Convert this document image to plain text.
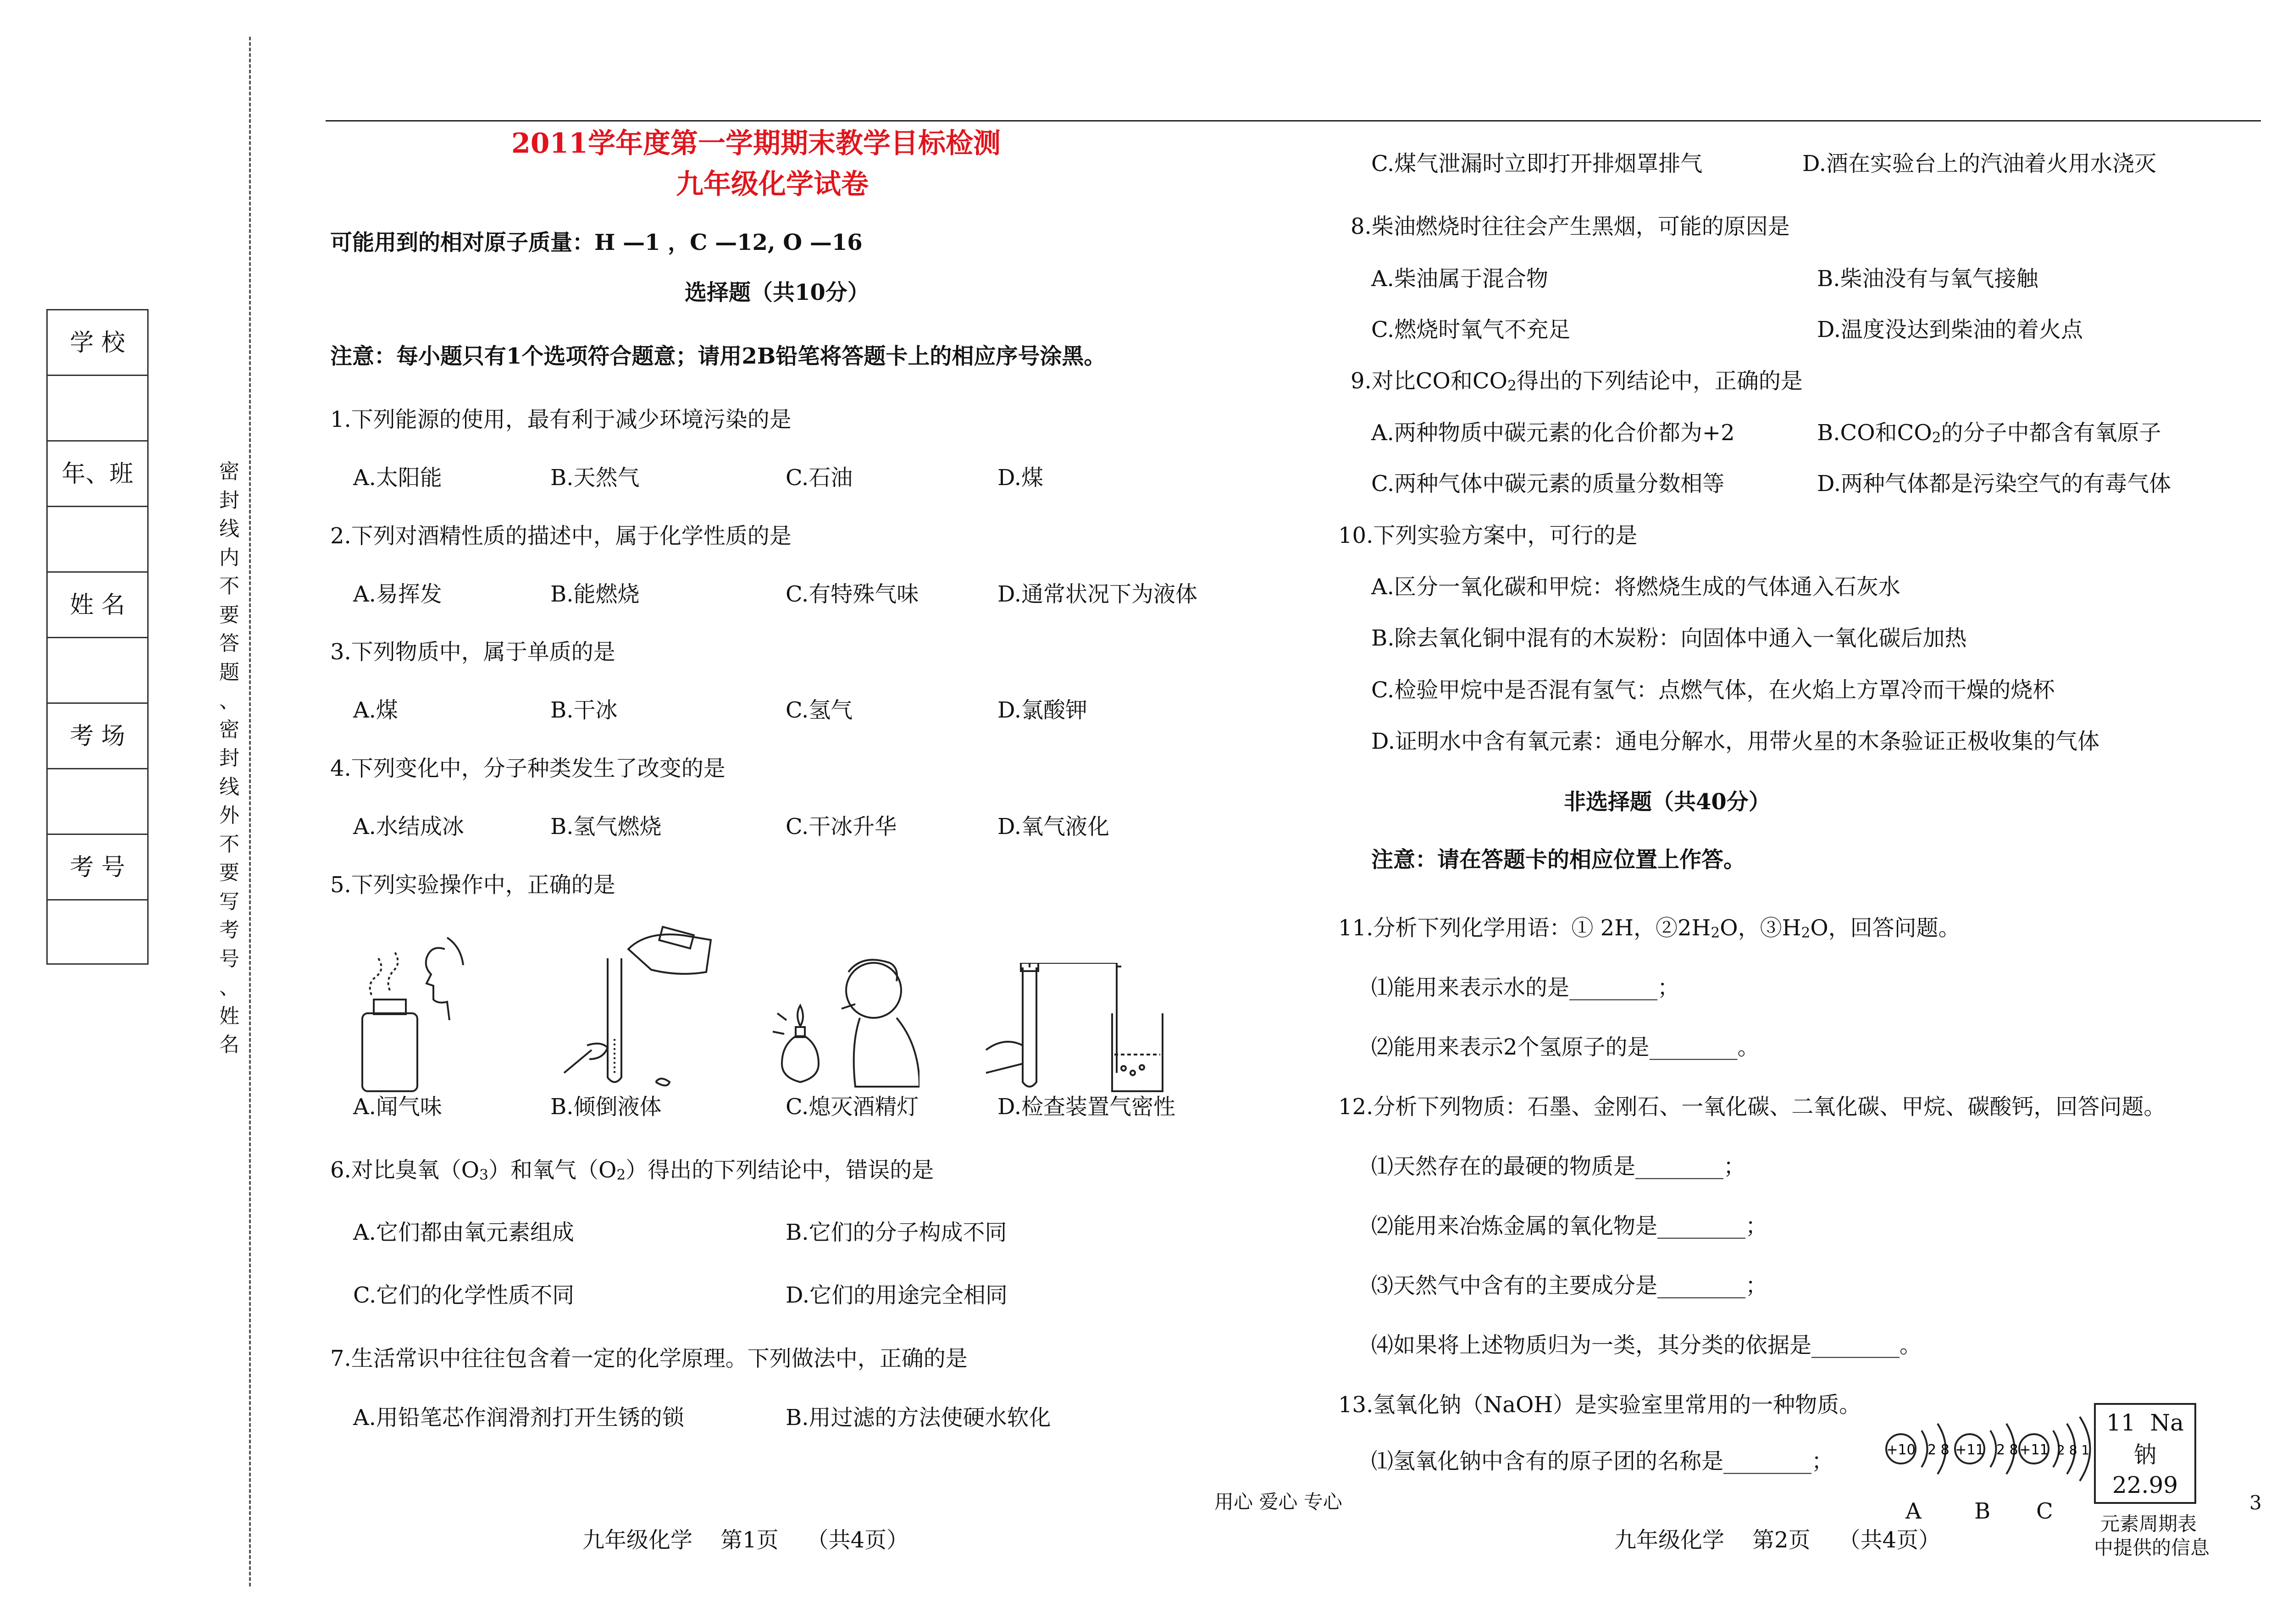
学 校
年、班
姓 名
考 场
考 号
密
封
线
内
不
要
答
题
、
密
封
线
外
不
要
写
考
号
、
姓
名
2011学年度第一学期期末教学目标检测
九年级化学试卷
可能用到的相对原子质量：H —1 ，C —12, O —16
选择题（共10分）
注意：每小题只有1个选项符合题意；请用2B铅笔将答题卡上的相应序号涂黑。
1.下列能源的使用，最有利于减少环境污染的是
A.太阳能	B.天然气	C.石油	D.煤
2.下列对酒精性质的描述中，属于化学性质的是
A.易挥发	B.能燃烧	C.有特殊气味	D.通常状况下为液体
3.下列物质中，属于单质的是
A.煤	B.干冰	C.氢气	D.氯酸钾
4.下列变化中，分子种类发生了改变的是
A.水结成冰	B.氢气燃烧	C.干冰升华	D.氧气液化
5.下列实验操作中，正确的是
A.闻气味	B.倾倒液体	C.熄灭酒精灯	D.检查装置气密性
6.对比臭氧$(O_3)$和氧气$(O_2)$得出的下列结论中，错误的是
A.它们都由氧元素组成	B.它们的分子构成不同
C.它们的化学性质不同	D.它们的用途完全相同
7.生活常识中往往包含着一定的化学原理。下列做法中，正确的是
A.用铅笔芯作润滑剂打开生锈的锁	B.用过滤的方法使硬水软化
用心 爱心 专心
九年级化学    第1页    （共4页）
C.煤气泄漏时立即打开排烟罩排气	D.酒在实验台上的汽油着火用水浇灭
8.柴油燃烧时往往会产生黑烟，可能的原因是
A.柴油属于混合物	B.柴油没有与氧气接触
C.燃烧时氧气不充足	D.温度没达到柴油的着火点
9.对比CO和$CO_2$得出的下列结论中，正确的是
A.两种物质中碳元素的化合价都为+2	B.CO和$CO_2$的分子中都含有氧原子
C.两种气体中碳元素的质量分数相等	D.两种气体都是污染空气的有毒气体
10.下列实验方案中，可行的是
A.区分一氧化碳和甲烷：将燃烧生成的气体通入石灰水
B.除去氧化铜中混有的木炭粉：向固体中通入一氧化碳后加热
C.检验甲烷中是否混有氢气：点燃气体，在火焰上方罩冷而干燥的烧杯
D.证明水中含有氧元素：通电分解水，用带火星的木条验证正极收集的气体
非选择题（共40分）
注意：请在答题卡的相应位置上作答。
11.分析下列化学用语：① 2H，$②2H_2O$，$③H_2O$，回答问题。
⑴能用来表示水的是________；
⑵能用来表示2个氢原子的是________。
12.分析下列物质：石墨、金刚石、一氧化碳、二氧化碳、甲烷、碳酸钙，回答问题。
⑴天然存在的最硬的物质是________；
⑵能用来冶炼金属的氧化物是________；
⑶天然气中含有的主要成分是________；
⑷如果将上述物质归为一类，其分类的依据是________。
13.氢氧化钠（NaOH）是实验室里常用的一种物质。
⑴氢氧化钠中含有的原子团的名称是________；	+10 2 8
A
+11 2 8
B
+11 2 8 1
C
11 Na
钠
22.99
元素周期表
中提供的信息
3
九年级化学    第2页    （共4页）
